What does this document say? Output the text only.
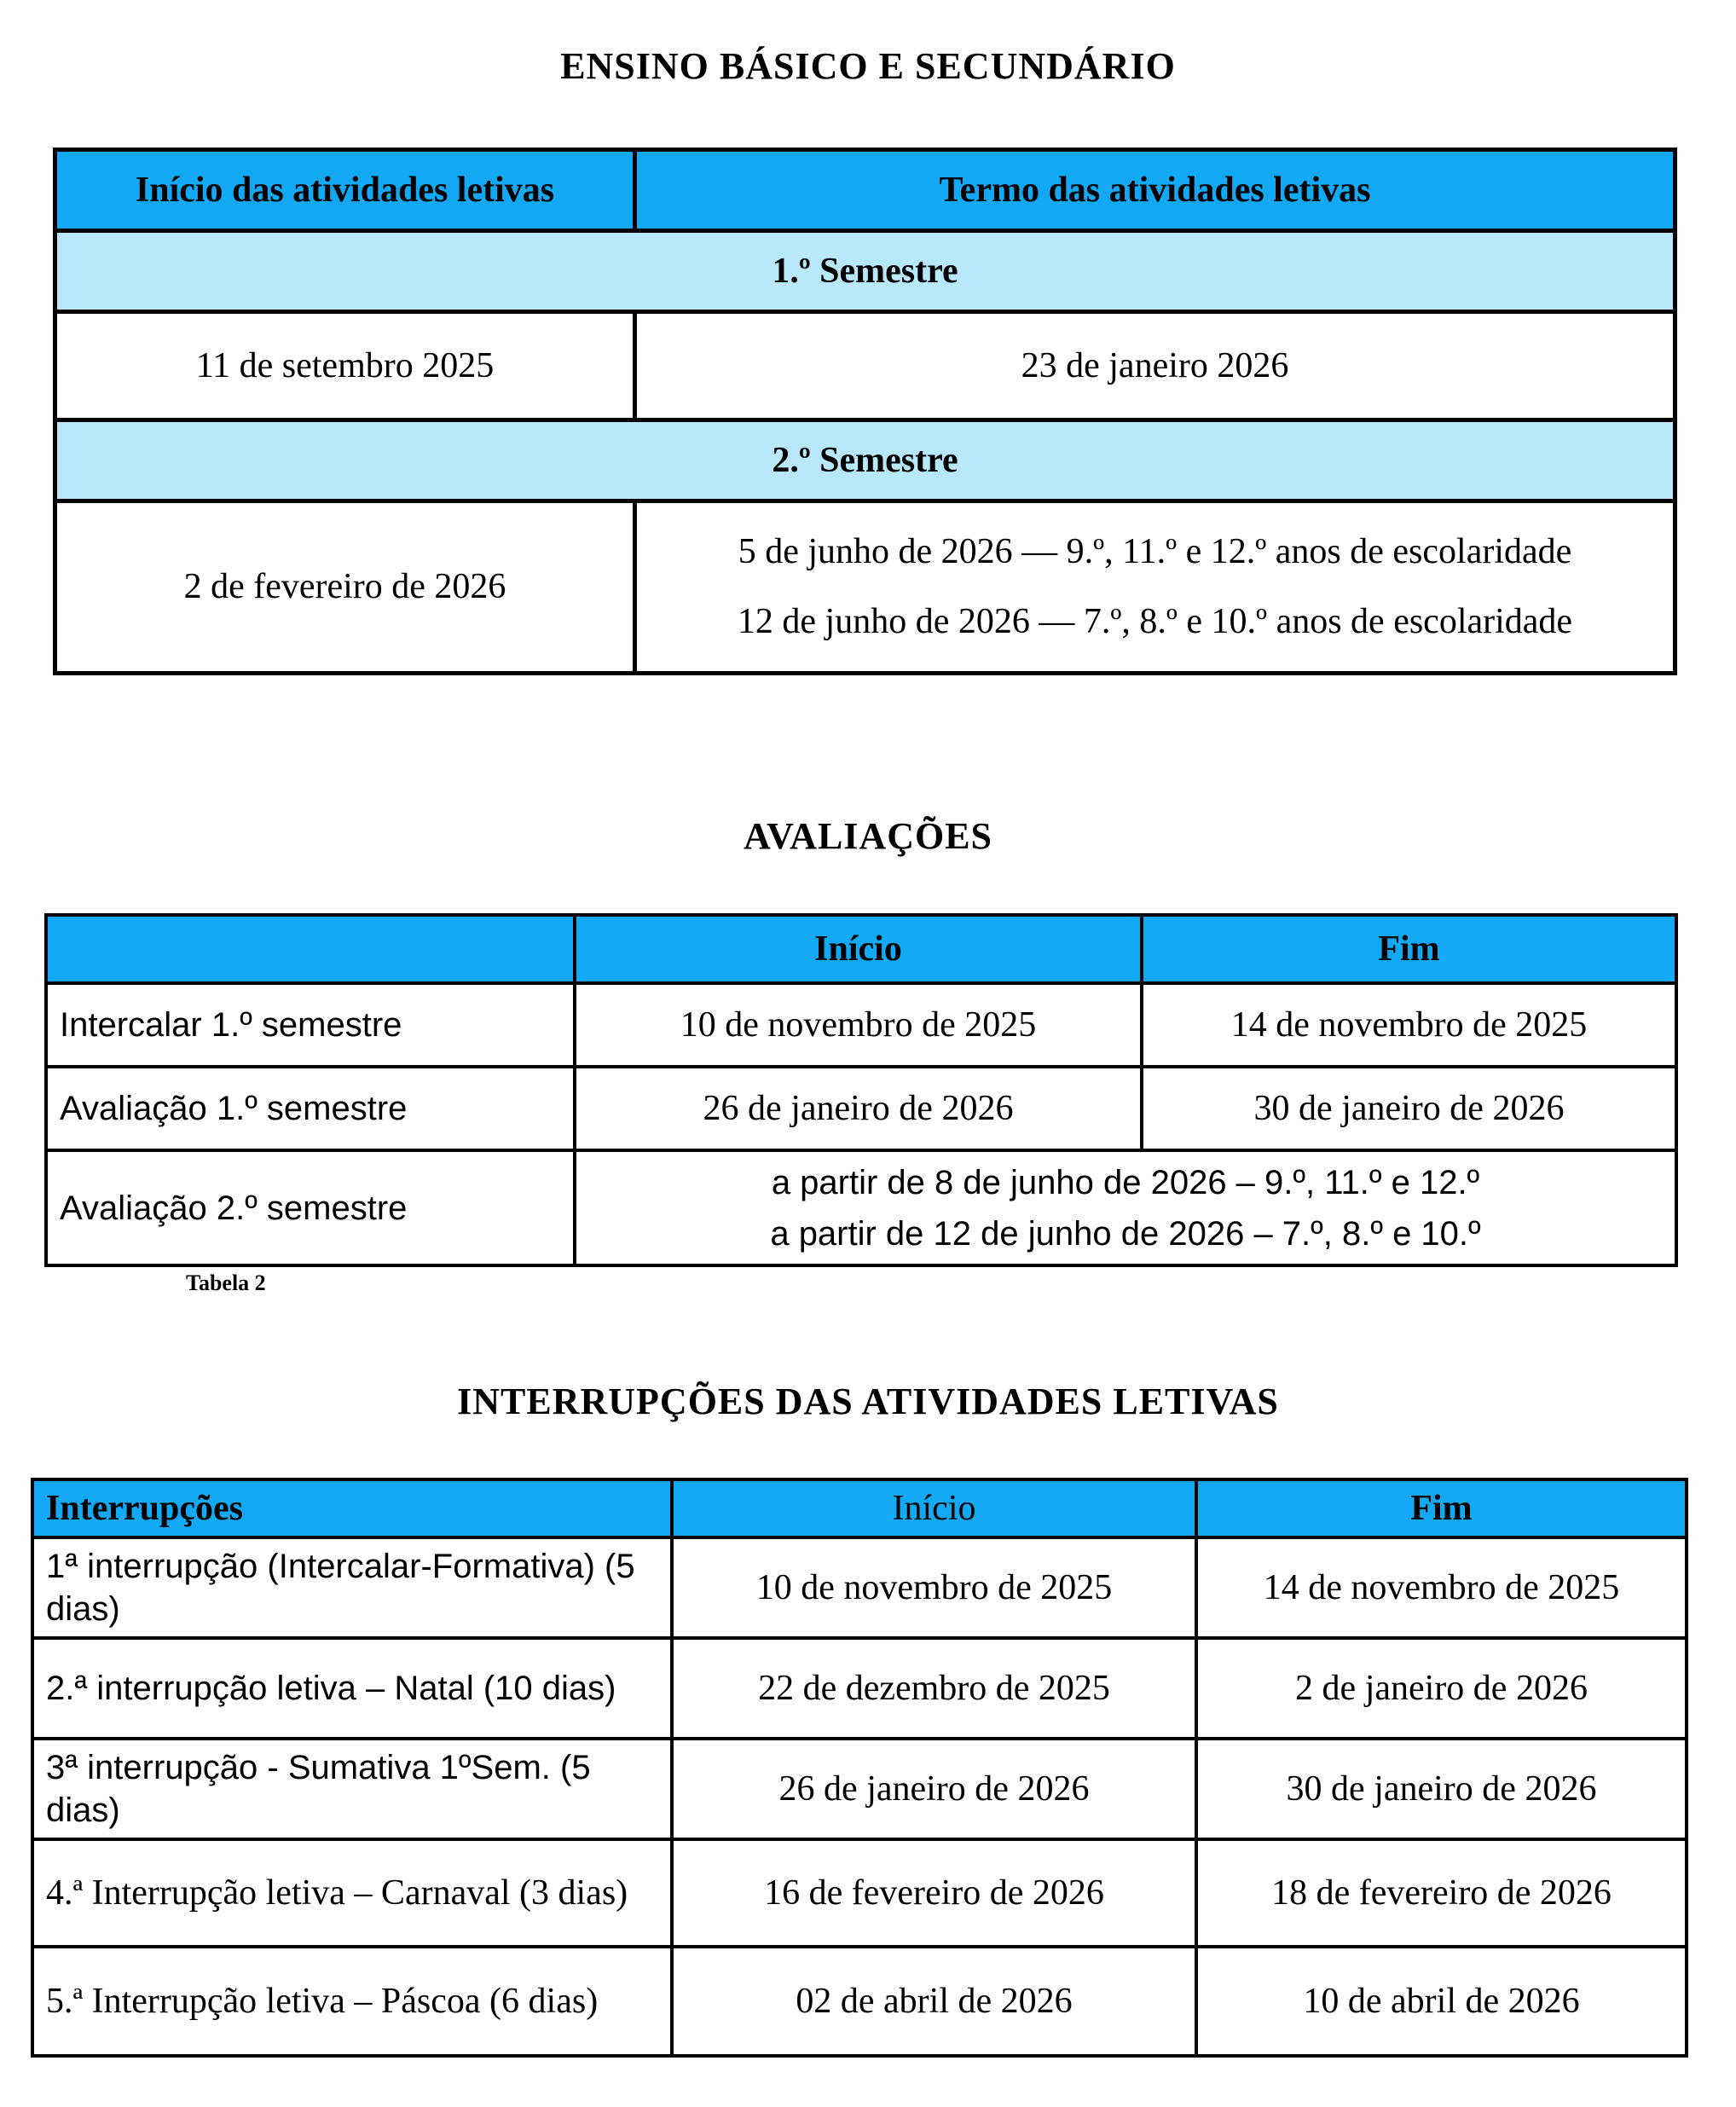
ENSINO BÁSICO E SECUNDÁRIO
Início das atividades letivas	Termo das atividades letivas
1.º Semestre	
11 de setembro 2025	23 de janeiro 2026
2.º Semestre	
2 de fevereiro de 2026	5 de junho de 2026 — 9.º, 11.º e 12.º anos de escolaridade
12 de junho de 2026 — 7.º, 8.º e 10.º anos de escolaridade
AVALIAÇÕES
	Início	Fim
Intercalar 1.º semestre	10 de novembro de 2025	14 de novembro de 2025
Avaliação 1.º semestre	26 de janeiro de 2026	30 de janeiro de 2026
Avaliação 2.º semestre	a partir de 8 de junho de 2026 – 9.º, 11.º e 12.º
a partir de 12 de junho de 2026 – 7.º, 8.º e 10.º	
Tabela 2
INTERRUPÇÕES DAS ATIVIDADES LETIVAS
Interrupções	Início	Fim
1ª interrupção (Intercalar-Formativa) (5 dias)	10 de novembro de 2025	14 de novembro de 2025
2.ª interrupção letiva – Natal (10 dias)	22 de dezembro de 2025	2 de janeiro de 2026
3ª interrupção - Sumativa 1ºSem. (5 dias)	26 de janeiro de 2026	30 de janeiro de 2026
4.ª Interrupção letiva – Carnaval (3 dias)	16 de fevereiro de 2026	18 de fevereiro de 2026
5.ª Interrupção letiva – Páscoa (6 dias)	02 de abril de 2026	10 de abril de 2026
